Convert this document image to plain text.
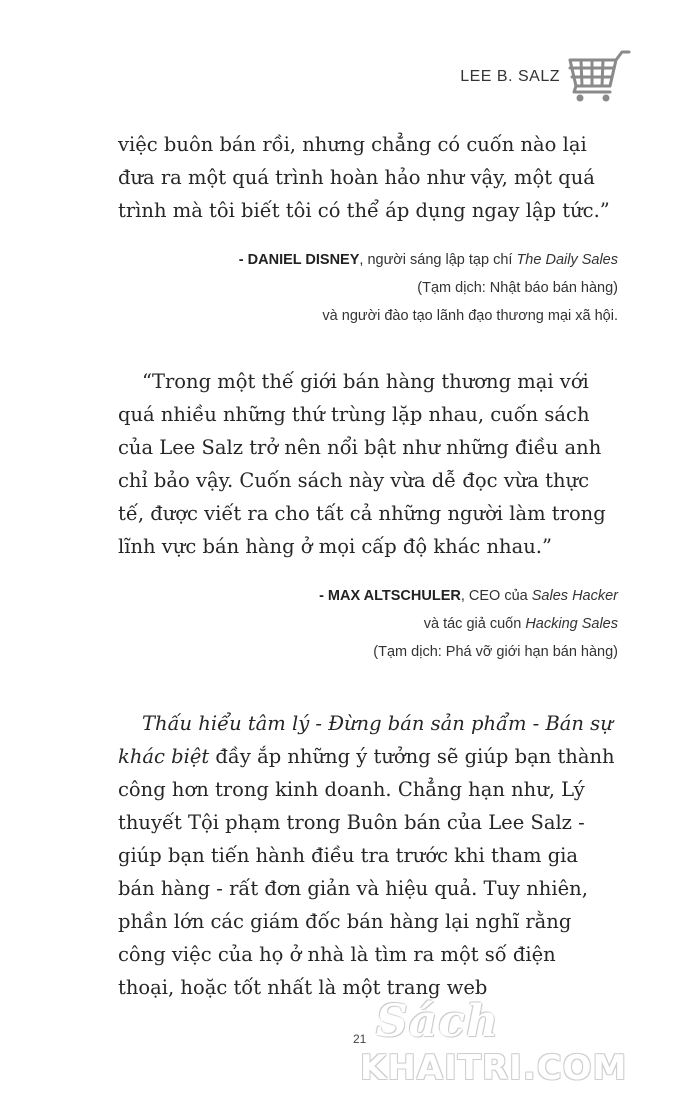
LEE B. SALZ

việc buôn bán rồi, nhưng chẳng có cuốn nào lại đưa ra một quá trình hoàn hảo như vậy, một quá trình mà tôi biết tôi có thể áp dụng ngay lập tức.”

- DANIEL DISNEY, người sáng lập tạp chí The Daily Sales
(Tạm dịch: Nhật báo bán hàng)
và người đào tạo lãnh đạo thương mại xã hội.

“Trong một thế giới bán hàng thương mại với quá nhiều những thứ trùng lặp nhau, cuốn sách của Lee Salz trở nên nổi bật như những điều anh chỉ bảo vậy. Cuốn sách này vừa dễ đọc vừa thực tế, được viết ra cho tất cả những người làm trong lĩnh vực bán hàng ở mọi cấp độ khác nhau.”

- MAX ALTSCHULER, CEO của Sales Hacker
và tác giả cuốn Hacking Sales
(Tạm dịch: Phá vỡ giới hạn bán hàng)

Thấu hiểu tâm lý - Đừng bán sản phẩm - Bán sự khác biệt đầy ắp những ý tưởng sẽ giúp bạn thành công hơn trong kinh doanh. Chẳng hạn như, Lý thuyết Tội phạm trong Buôn bán của Lee Salz - giúp bạn tiến hành điều tra trước khi tham gia bán hàng - rất đơn giản và hiệu quả. Tuy nhiên, phần lớn các giám đốc bán hàng lại nghĩ rằng công việc của họ ở nhà là tìm ra một số điện thoại, hoặc tốt nhất là một trang web

21 Sách
KHAITRI.COM
